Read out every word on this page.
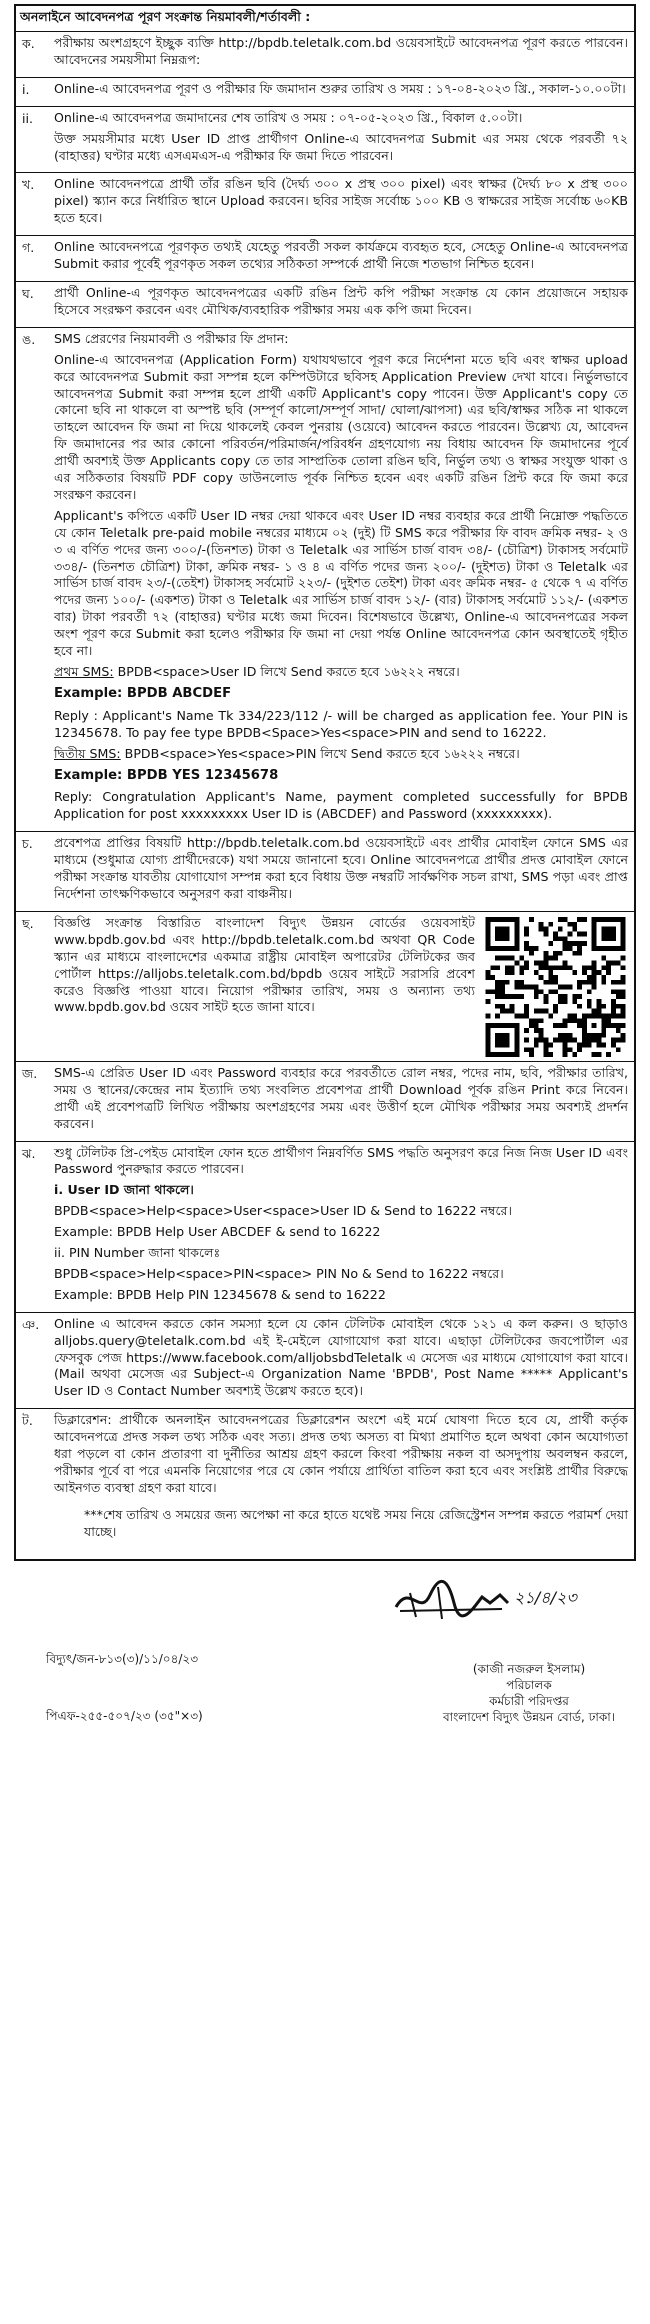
অনলাইনে আবেদনপত্র পূরণ সংক্রান্ত নিয়মাবলী/শর্তাবলী :
ক.	পরীক্ষায় অংশগ্রহণে ইচ্ছুক ব্যক্তি http://bpdb.teletalk.com.bd ওয়েবসাইটে আবেদনপত্র পূরণ করতে পারবেন। আবেদনের সময়সীমা নিম্নরূপ:

i.	Online-এ আবেদনপত্র পূরণ ও পরীক্ষার ফি জমাদান শুরুর তারিখ ও সময় : ১৭-০৪-২০২৩ খ্রি., সকাল-১০.০০টা।

ii.	Online-এ আবেদনপত্র জমাদানের শেষ তারিখ ও সময় : ০৭-০৫-২০২৩ খ্রি., বিকাল ৫.০০টা।

উক্ত সময়সীমার মধ্যে User ID প্রাপ্ত প্রার্থীগণ Online-এ আবেদনপত্র Submit এর সময় থেকে পরবর্তী ৭২ (বাহাত্তর) ঘণ্টার মধ্যে এসএমএস-এ পরীক্ষার ফি জমা দিতে পারবেন।

খ.	Online আবেদনপত্রে প্রার্থী তাঁর রঙিন ছবি (দৈর্ঘ্য ৩০০ x প্রস্থ ৩০০ pixel) এবং স্বাক্ষর (দৈর্ঘ্য ৮০ x প্রস্থ ৩০০ pixel) স্ক্যান করে নির্ধারিত স্থানে Upload করবেন। ছবির সাইজ সর্বোচ্চ ১০০ KB ও স্বাক্ষরের সাইজ সর্বোচ্চ ৬০KB হতে হবে।

গ.	Online আবেদনপত্রে পূরণকৃত তথ্যই যেহেতু পরবর্তী সকল কার্যক্রমে ব্যবহৃত হবে, সেহেতু Online-এ আবেদনপত্র Submit করার পূর্বেই পূরণকৃত সকল তথ্যের সঠিকতা সম্পর্কে প্রার্থী নিজে শতভাগ নিশ্চিত হবেন।

ঘ.	প্রার্থী Online-এ পূরণকৃত আবেদনপত্রের একটি রঙিন প্রিন্ট কপি পরীক্ষা সংক্রান্ত যে কোন প্রয়োজনে সহায়ক হিসেবে সংরক্ষণ করবেন এবং মৌখিক/ব্যবহারিক পরীক্ষার সময় এক কপি জমা দিবেন।

ঙ.	SMS প্রেরণের নিয়মাবলী ও পরীক্ষার ফি প্রদান:

Online-এ আবেদনপত্র (Application Form) যথাযথভাবে পূরণ করে নির্দেশনা মতে ছবি এবং স্বাক্ষর upload করে আবেদনপত্র Submit করা সম্পন্ন হলে কম্পিউটারে ছবিসহ Application Preview দেখা যাবে। নির্ভুলভাবে আবেদনপত্র Submit করা সম্পন্ন হলে প্রার্থী একটি Applicant's copy পাবেন। উক্ত Applicant's copy তে কোনো ছবি না থাকলে বা অস্পষ্ট ছবি (সম্পূর্ণ কালো/সম্পূর্ণ সাদা/ ঘোলা/ঝাপসা) এর ছবি/স্বাক্ষর সঠিক না থাকলে তাহলে আবেদন ফি জমা না দিয়ে থাকলেই কেবল পুনরায় (ওয়েবে) আবেদন করতে পারবেন। উল্লেখ্য যে, আবেদন ফি জমাদানের পর আর কোনো পরিবর্তন/পরিমার্জন/পরিবর্ধন গ্রহণযোগ্য নয় বিধায় আবেদন ফি জমাদানের পূর্বে প্রার্থী অবশ্যই উক্ত Applicants copy তে তার সাম্প্রতিক তোলা রঙিন ছবি, নির্ভুল তথ্য ও স্বাক্ষর সংযুক্ত থাকা ও এর সঠিকতার বিষয়টি PDF copy ডাউনলোড পূর্বক নিশ্চিত হবেন এবং একটি রঙিন প্রিন্ট করে ফি জমা করে সংরক্ষণ করবেন।

Applicant's কপিতে একটি User ID নম্বর দেয়া থাকবে এবং User ID নম্বর ব্যবহার করে প্রার্থী নিম্নোক্ত পদ্ধতিতে যে কোন Teletalk pre-paid mobile নম্বরের মাধ্যমে ০২ (দুই) টি SMS করে পরীক্ষার ফি বাবদ ক্রমিক নম্বর- ২ ও ৩ এ বর্ণিত পদের জন্য ৩০০/-(তিনশত) টাকা ও Teletalk এর সার্ভিস চার্জ বাবদ ৩৪/- (চৌত্রিশ) টাকাসহ সর্বমোট ৩৩৪/- (তিনশত চৌত্রিশ) টাকা, ক্রমিক নম্বর- ১ ও ৪ এ বর্ণিত পদের জন্য ২০০/- (দুইশত) টাকা ও Teletalk এর সার্ভিস চার্জ বাবদ ২৩/-(তেইশ) টাকাসহ সর্বমোট ২২৩/- (দুইশত তেইশ) টাকা এবং ক্রমিক নম্বর- ৫ থেকে ৭ এ বর্ণিত পদের জন্য ১০০/- (একশত) টাকা ও Teletalk এর সার্ভিস চার্জ বাবদ ১২/- (বার) টাকাসহ সর্বমোট ১১২/- (একশত বার) টাকা পরবর্তী ৭২ (বাহাত্তর) ঘণ্টার মধ্যে জমা দিবেন। বিশেষভাবে উল্লেখ্য, Online-এ আবেদনপত্রের সকল অংশ পূরণ করে Submit করা হলেও পরীক্ষার ফি জমা না দেয়া পর্যন্ত Online আবেদনপত্র কোন অবস্থাতেই গৃহীত হবে না।

প্রথম SMS: BPDB<space>User ID লিখে Send করতে হবে ১৬২২২ নম্বরে।

Example: BPDB ABCDEF

Reply : Applicant's Name Tk 334/223/112 /- will be charged as application fee. Your PIN is 12345678. To pay fee type BPDB<Space>Yes<space>PIN and send to 16222.

দ্বিতীয় SMS: BPDB<space>Yes<space>PIN লিখে Send করতে হবে ১৬২২২ নম্বরে।

Example: BPDB YES 12345678

Reply: Congratulation Applicant's Name, payment completed successfully for BPDB Application for post xxxxxxxxx User ID is (ABCDEF) and Password (xxxxxxxxx).

চ.	প্রবেশপত্র প্রাপ্তির বিষয়টি http://bpdb.teletalk.com.bd ওয়েবসাইটে এবং প্রার্থীর মোবাইল ফোনে SMS এর মাধ্যমে (শুধুমাত্র যোগ্য প্রার্থীদেরকে) যথা সময়ে জানানো হবে। Online আবেদনপত্রে প্রার্থীর প্রদত্ত মোবাইল ফোনে পরীক্ষা সংক্রান্ত যাবতীয় যোগাযোগ সম্পন্ন করা হবে বিধায় উক্ত নম্বরটি সার্বক্ষণিক সচল রাখা, SMS পড়া এবং প্রাপ্ত নির্দেশনা তাৎক্ষণিকভাবে অনুসরণ করা বাঞ্চনীয়।

ছ.	বিজ্ঞপ্তি সংক্রান্ত বিস্তারিত বাংলাদেশ বিদ্যুৎ উন্নয়ন বোর্ডের ওয়েবসাইট www.bpdb.gov.bd এবং http://bpdb.teletalk.com.bd অথবা QR Code স্ক্যান এর মাধ্যমে বাংলাদেশের একমাত্র রাষ্ট্রীয় মোবাইল অপারেটর টেলিটকের জব পোর্টাল https://alljobs.teletalk.com.bd/bpdb ওয়েব সাইটে সরাসরি প্রবেশ করেও বিজ্ঞপ্তি পাওয়া যাবে। নিয়োগ পরীক্ষার তারিখ, সময় ও অন্যান্য তথ্য www.bpdb.gov.bd ওয়েব সাইট হতে জানা যাবে।

জ.	SMS-এ প্রেরিত User ID এবং Password ব্যবহার করে পরবর্তীতে রোল নম্বর, পদের নাম, ছবি, পরীক্ষার তারিখ, সময় ও স্থানের/কেন্দ্রের নাম ইত্যাদি তথ্য সংবলিত প্রবেশপত্র প্রার্থী Download পূর্বক রঙিন Print করে নিবেন। প্রার্থী এই প্রবেশপত্রটি লিখিত পরীক্ষায় অংশগ্রহণের সময় এবং উত্তীর্ণ হলে মৌখিক পরীক্ষার সময় অবশ্যই প্রদর্শন করবেন।

ঝ.	শুধু টেলিটক প্রি-পেইড মোবাইল ফোন হতে প্রার্থীগণ নিম্নবর্ণিত SMS পদ্ধতি অনুসরণ করে নিজ নিজ User ID এবং Password পুনরুদ্ধার করতে পারবেন।

i. User ID জানা থাকলে।

BPDB<space>Help<space>User<space>User ID & Send to 16222 নম্বরে।

Example: BPDB Help User ABCDEF & send to 16222

ii. PIN Number জানা থাকলেঃ

BPDB<space>Help<space>PIN<space> PIN No & Send to 16222 নম্বরে।

Example: BPDB Help PIN 12345678 & send to 16222

ঞ.	Online এ আবেদন করতে কোন সমস্যা হলে যে কোন টেলিটক মোবাইল থেকে ১২১ এ কল করুন। ও ছাড়াও alljobs.query@teletalk.com.bd এই ই-মেইলে যোগাযোগ করা যাবে। এছাড়া টেলিটকের জবপোর্টাল এর ফেসবুক পেজ https://www.facebook.com/alljobsbdTeletalk এ মেসেজ এর মাধ্যমে যোগাযোগ করা যাবে। (Mail অথবা মেসেজ এর Subject-এ Organization Name 'BPDB', Post Name ***** Applicant's User ID ও Contact Number অবশ্যই উল্লেখ করতে হবে)।

ট.	ডিক্লারেশন: প্রার্থীকে অনলাইন আবেদনপত্রের ডিক্লারেশন অংশে এই মর্মে ঘোষণা দিতে হবে যে, প্রার্থী কর্তৃক আবেদনপত্রে প্রদত্ত সকল তথ্য সঠিক এবং সত্য। প্রদত্ত তথ্য অসত্য বা মিথ্যা প্রমাণিত হলে অথবা কোন অযোগ্যতা ধরা পড়লে বা কোন প্রতারণা বা দুর্নীতির আশ্রয় গ্রহণ করলে কিংবা পরীক্ষায় নকল বা অসদুপায় অবলম্বন করলে, পরীক্ষার পূর্বে বা পরে এমনকি নিয়োগের পরে যে কোন পর্যায়ে প্রার্থিতা বাতিল করা হবে এবং সংশ্লিষ্ট প্রার্থীর বিরুদ্ধে আইনগত ব্যবস্থা গ্রহণ করা যাবে।

***শেষ তারিখ ও সময়ের জন্য অপেক্ষা না করে হাতে যথেষ্ট সময় নিয়ে রেজিস্ট্রেশন সম্পন্ন করতে পরামর্শ দেয়া যাচ্ছে।

২১/৪/২৩
বিদ্যুৎ/জন-৮১৩(৩)/১১/০৪/২৩
(কাজী নজরুল ইসলাম)
পরিচালক
কর্মচারী পরিদপ্তর
বাংলাদেশ বিদ্যুৎ উন্নয়ন বোর্ড, ঢাকা।
পিএফ-২৫৫-৫০৭/২৩ (৩৫"×৩)
